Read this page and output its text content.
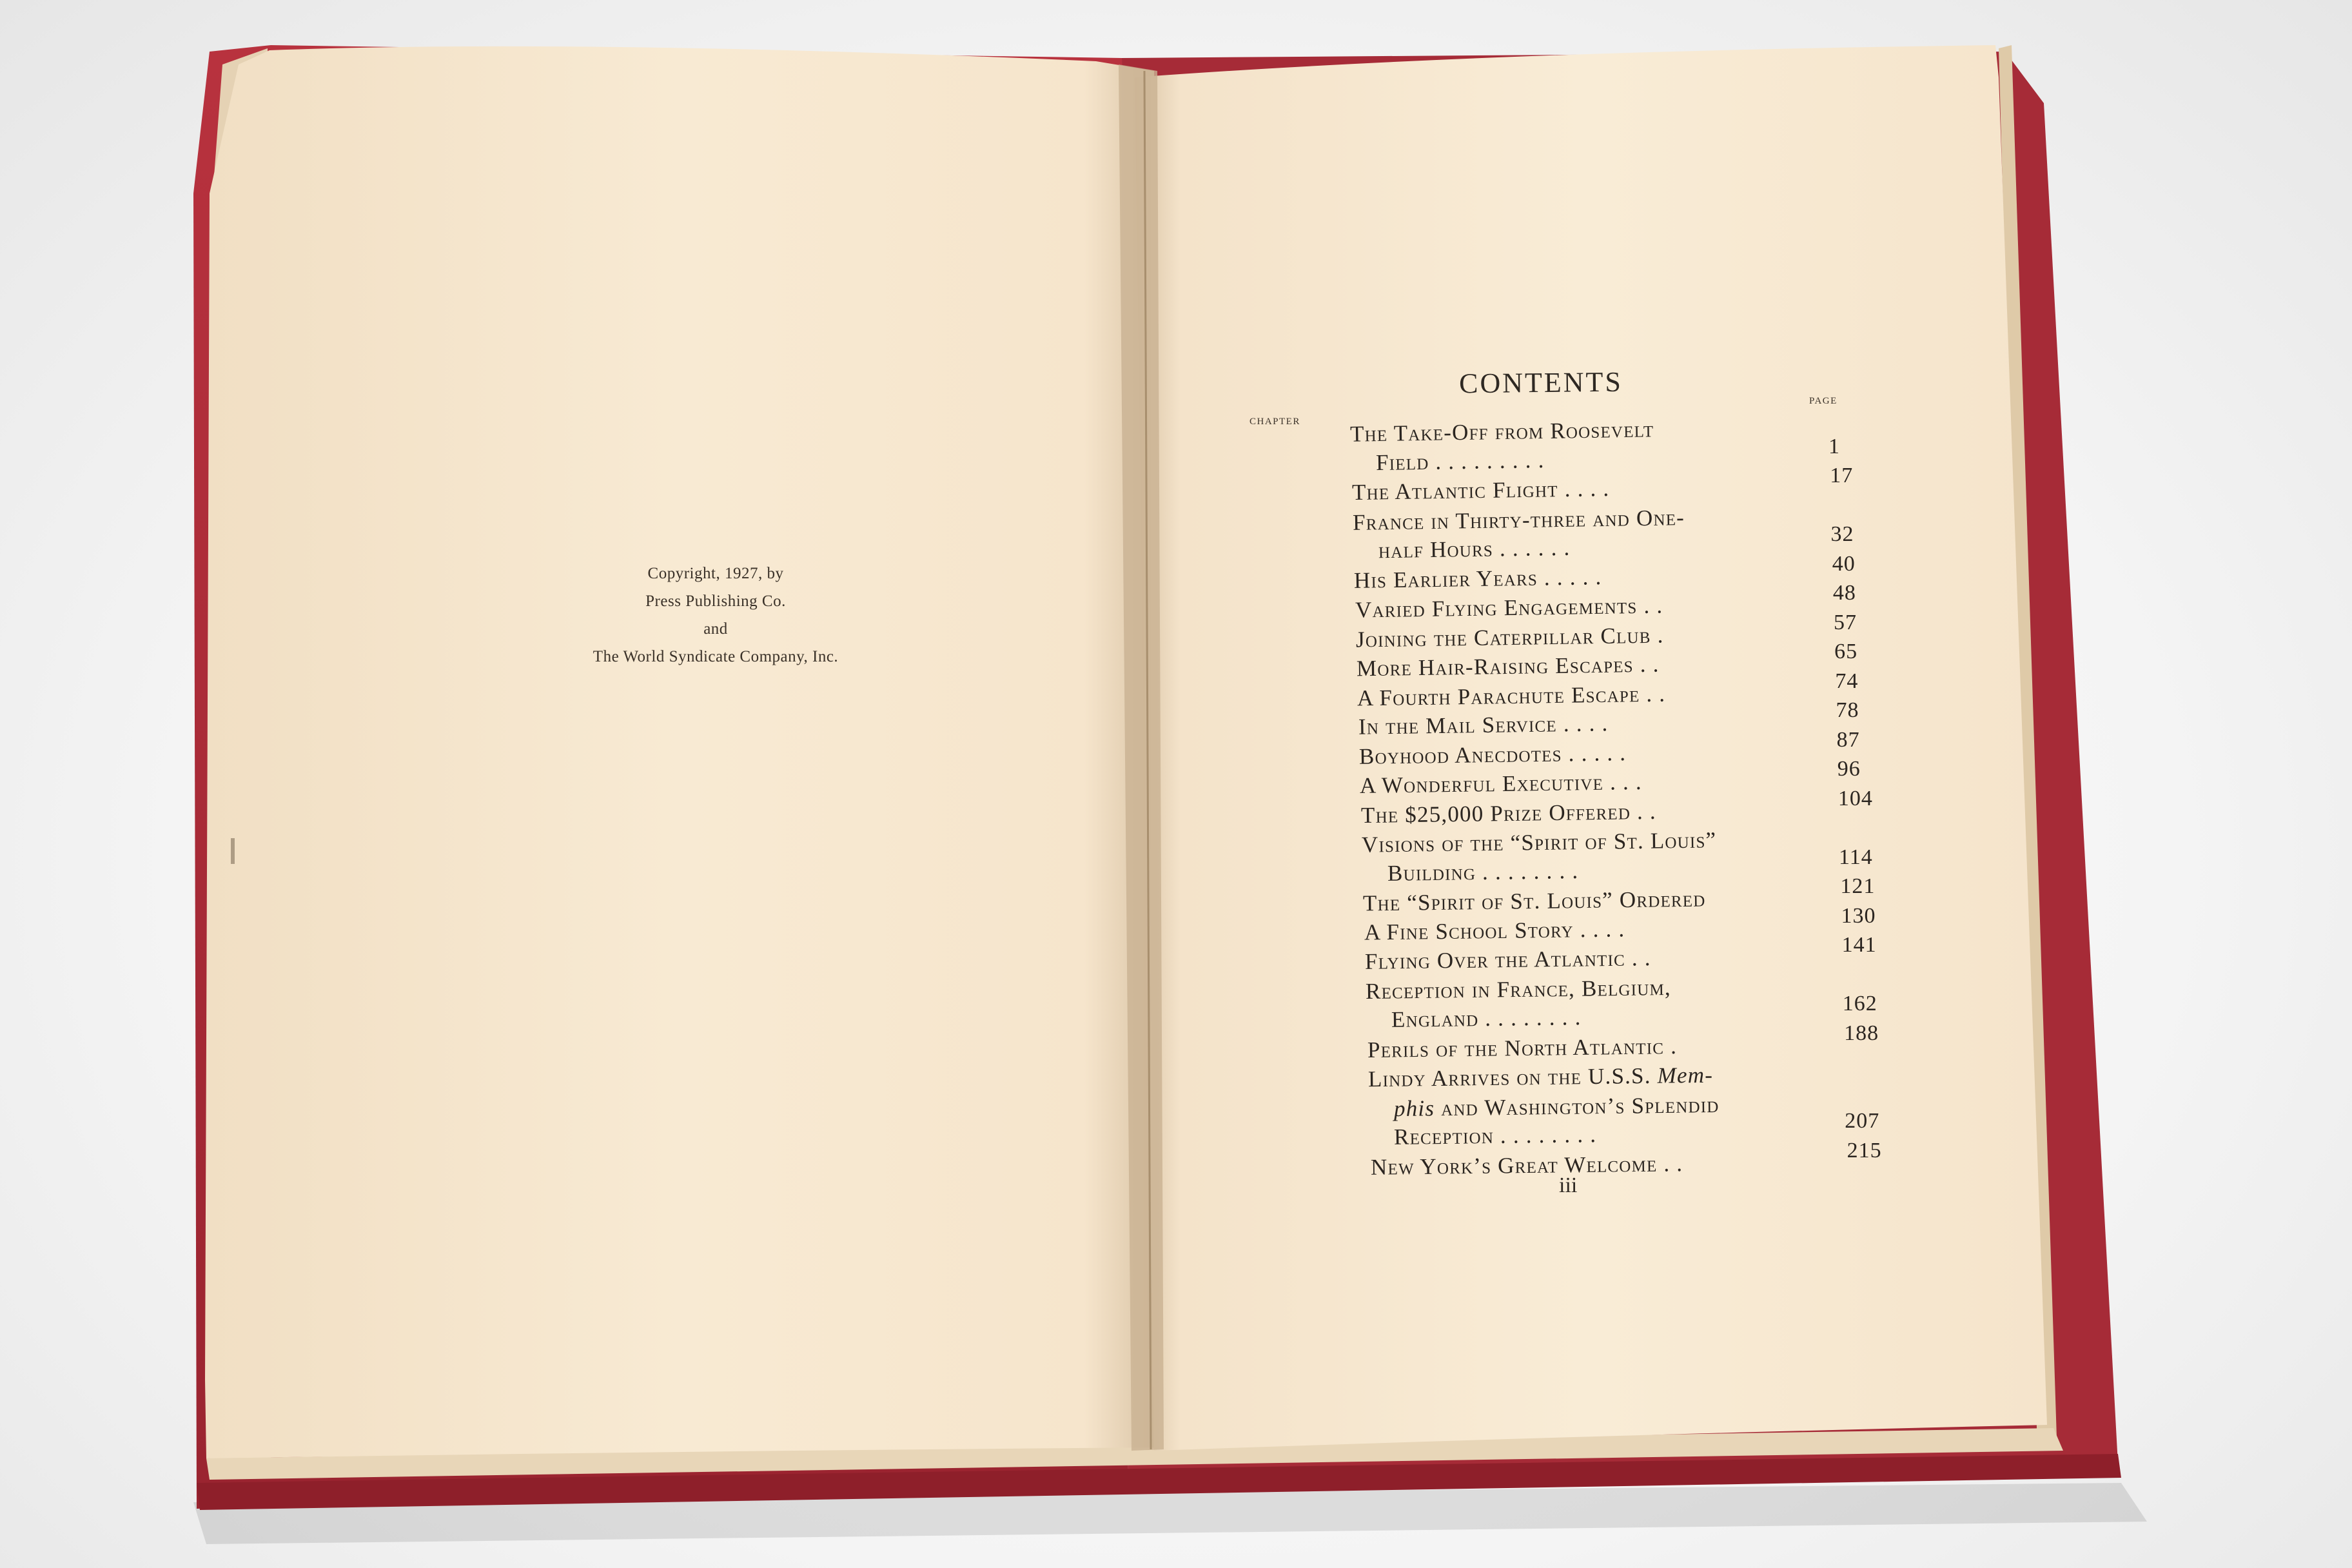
Copyright, 1927, by
Press Publishing Co.
and
The World Syndicate Company, Inc.
CONTENTS
CHAPTER
PAGE
The Take-Off from Roosevelt
Field . . . . . . . . .
1
The Atlantic Flight . . . .
17
France in Thirty-three and One-
half Hours . . . . . .
32
His Earlier Years . . . . .
40
Varied Flying Engagements . .	48
Joining the Caterpillar Club .
57
More Hair-Raising Escapes . .
65
A Fourth Parachute Escape . .
74
In the Mail Service . . . .
78
Boyhood Anecdotes . . . . .
87
A Wonderful Executive . . .
96
The $25,000 Prize Offered . .
104
Visions of the “Spirit of St. Louis”
Building . . . . . . . .
114
The “Spirit of St. Louis” Ordered
121
A Fine School Story . . . .
130
Flying Over the Atlantic . .
141
Reception in France, Belgium,
England . . . . . . . .
162
Perils of the North Atlantic .
188
Lindy Arrives on the U.S.S. Mem-
phis and Washington’s Splendid
Reception . . . . . . . .
207
New York’s Great Welcome . .
215
iii
